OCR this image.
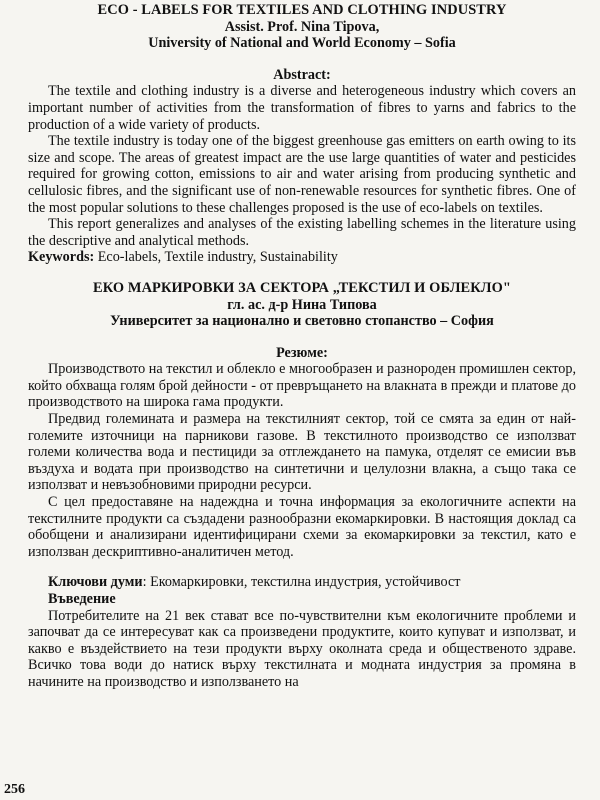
ECO - LABELS FOR TEXTILES AND CLOTHING INDUSTRY

Assist. Prof. Nina Tipova,

University of National and World Economy – Sofia

Abstract:

The textile and clothing industry is a diverse and heterogeneous industry which covers an important number of activities from the transformation of fibres to yarns and fabrics to the production of a wide variety of products.

The textile industry is today one of the biggest greenhouse gas emitters on earth owing to its size and scope. The areas of greatest impact are the use large quantities of water and pesticides required for growing cotton, emissions to air and water arising from producing synthetic and cellulosic fibres, and the significant use of non-renewable resources for synthetic fibres. One of the most popular solutions to these challenges proposed is the use of eco-labels on textiles.

This report generalizes and analyses of the existing labelling schemes in the literature using the descriptive and analytical methods.

Keywords: Eco-labels, Textile industry, Sustainability

ЕКО МАРКИРОВКИ ЗА СЕКТОРА „ТЕКСТИЛ И ОБЛЕКЛО"

гл. ас. д-р Нина Типова

Университет за национално и световно стопанство – София

Резюме:

Производството на текстил и облекло е многообразен и разнороден промишлен сектор, който обхваща голям брой дейности - от превръщането на влакната в прежди и платове до производството на широка гама продукти.

Предвид големината и размера на текстилният сектор, той се смята за един от най-големите източници на парникови газове. В текстилното производство се използват големи количества вода и пестициди за отглеждането на памука, отделят се емисии във въздуха и водата при производство на синтетични и целулозни влакна, а също така се използват и невъзобновими природни ресурси.

С цел предоставяне на надеждна и точна информация за екологичните аспекти на текстилните продукти са създадени разнообразни екомаркировки. В настоящия доклад са обобщени и анализирани идентифицирани схеми за екомаркировки за текстил, като е използван дескриптивно-аналитичен метод.

Ключови думи: Екомаркировки, текстилна индустрия, устойчивост

Въведение

Потребителите на 21 век стават все по-чувствителни към екологичните проблеми и започват да се интересуват как са произведени продуктите, които купуват и използват, и какво е въздействието на тези продукти върху околната среда и общественото здраве. Всичко това води до натиск върху текстилната и модната индустрия за промяна в начините на производство и използването на

256
